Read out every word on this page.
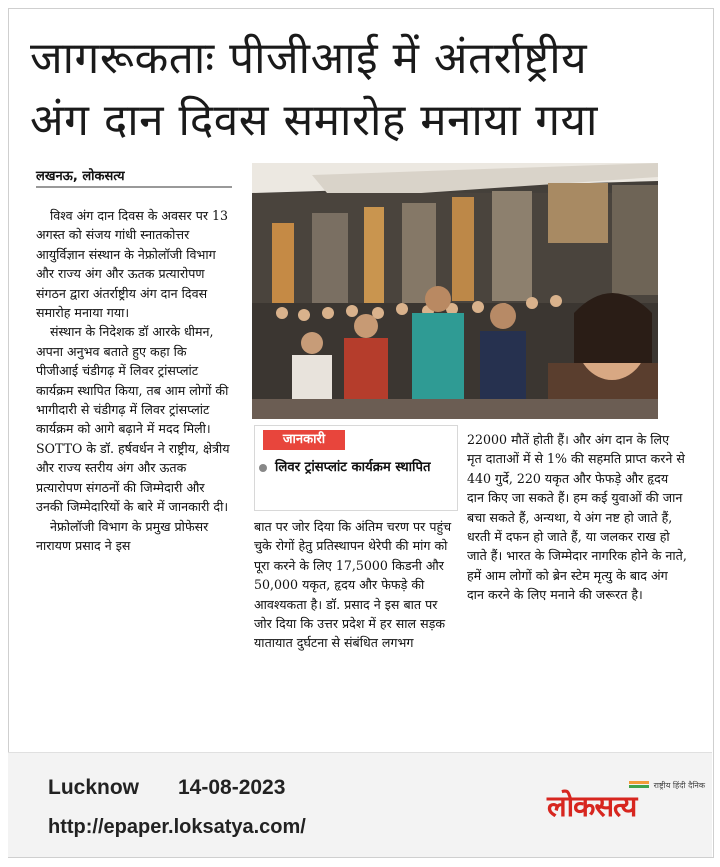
जागरूकताः पीजीआई में अंतर्राष्ट्रीय
अंग दान दिवस समारोह मनाया गया
लखनऊ, लोकसत्य

विश्व अंग दान दिवस के अवसर पर 13 अगस्त को संजय गांधी स्नातकोत्तर आयुर्विज्ञान संस्थान के नेफ्रोलॉजी विभाग और राज्य अंग और ऊतक प्रत्यारोपण संगठन द्वारा अंतर्राष्ट्रीय अंग दान दिवस समारोह मनाया गया।

संस्थान के निदेशक डॉ आरके धीमन, अपना अनुभव बताते हुए कहा कि पीजीआई चंडीगढ़ में लिवर ट्रांसप्लांट कार्यक्रम स्थापित किया, तब आम लोगों की भागीदारी से चंडीगढ़ में लिवर ट्रांसप्लांट कार्यक्रम को आगे बढ़ाने में मदद मिली। SOTTO के डॉ. हर्षवर्धन ने राष्ट्रीय, क्षेत्रीय और राज्य स्तरीय अंग और ऊतक प्रत्यारोपण संगठनों की जिम्मेदारी और उनकी जिम्मेदारियों के बारे में जानकारी दी।

नेफ्रोलॉजी विभाग के प्रमुख प्रोफेसर नारायण प्रसाद ने इस

जानकारी
लिवर ट्रांसप्लांट कार्यक्रम स्थापित

बात पर जोर दिया कि अंतिम चरण पर पहुंच चुके रोगों हेतु प्रतिस्थापन थेरेपी की मांग को पूरा करने के लिए 17,5000 किडनी और 50,000 यकृत, हृदय और फेफड़े की आवश्यकता है। डॉ. प्रसाद ने इस बात पर जोर दिया कि उत्तर प्रदेश में हर साल सड़क यातायात दुर्घटना से संबंधित लगभग

22000 मौतें होती हैं। और अंग दान के लिए मृत दाताओं में से 1% की सहमति प्राप्त करने से 440 गुर्दे, 220 यकृत और फेफड़े और हृदय दान किए जा सकते हैं। हम कई युवाओं की जान बचा सकते हैं, अन्यथा, ये अंग नष्ट हो जाते हैं, धरती में दफन हो जाते हैं, या जलकर राख हो जाते हैं। भारत के जिम्मेदार नागरिक होने के नाते, हमें आम लोगों को ब्रेन स्टेम मृत्यु के बाद अंग दान करने के लिए मनाने की जरूरत है।

Lucknow 14-08-2023
http://epaper.loksatya.com/
राष्ट्रीय हिंदी दैनिक
लोकसत्य
